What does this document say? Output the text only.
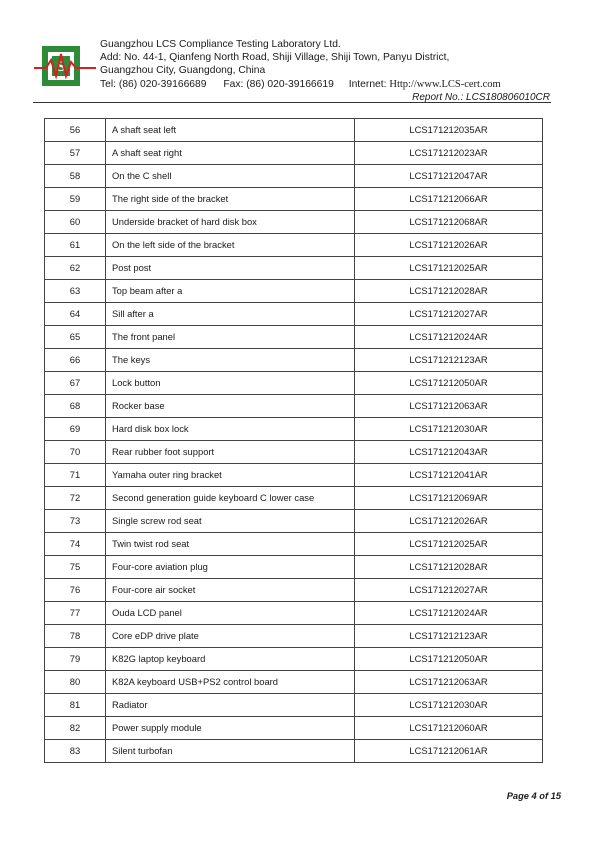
S
Guangzhou LCS Compliance Testing Laboratory Ltd.
Add: No. 44-1, Qianfeng North Road, Shiji Village, Shiji Town, Panyu District,
Guangzhou City, Guangdong, China
Tel: (86) 020-39166689 Fax: (86) 020-39166619 Internet: Http://www.LCS-cert.com
Report No.: LCS180806010CR
56	A shaft seat left	LCS171212035AR
57	A shaft seat right	LCS171212023AR
58	On the C shell	LCS171212047AR
59	The right side of the bracket	LCS171212066AR
60	Underside bracket of hard disk box	LCS171212068AR
61	On the left side of the bracket	LCS171212026AR
62	Post post	LCS171212025AR
63	Top beam after a	LCS171212028AR
64	Sill after a	LCS171212027AR
65	The front panel	LCS171212024AR
66	The keys	LCS171212123AR
67	Lock button	LCS171212050AR
68	Rocker base	LCS171212063AR
69	Hard disk box lock	LCS171212030AR
70	Rear rubber foot support	LCS171212043AR
71	Yamaha outer ring bracket	LCS171212041AR
72	Second generation guide keyboard C lower case	LCS171212069AR
73	Single screw rod seat	LCS171212026AR
74	Twin twist rod seat	LCS171212025AR
75	Four-core aviation plug	LCS171212028AR
76	Four-core air socket	LCS171212027AR
77	Ouda LCD panel	LCS171212024AR
78	Core eDP drive plate	LCS171212123AR
79	K82G laptop keyboard	LCS171212050AR
80	K82A keyboard USB+PS2 control board	LCS171212063AR
81	Radiator	LCS171212030AR
82	Power supply module	LCS171212060AR
83	Silent turbofan	LCS171212061AR
Page 4 of 15
